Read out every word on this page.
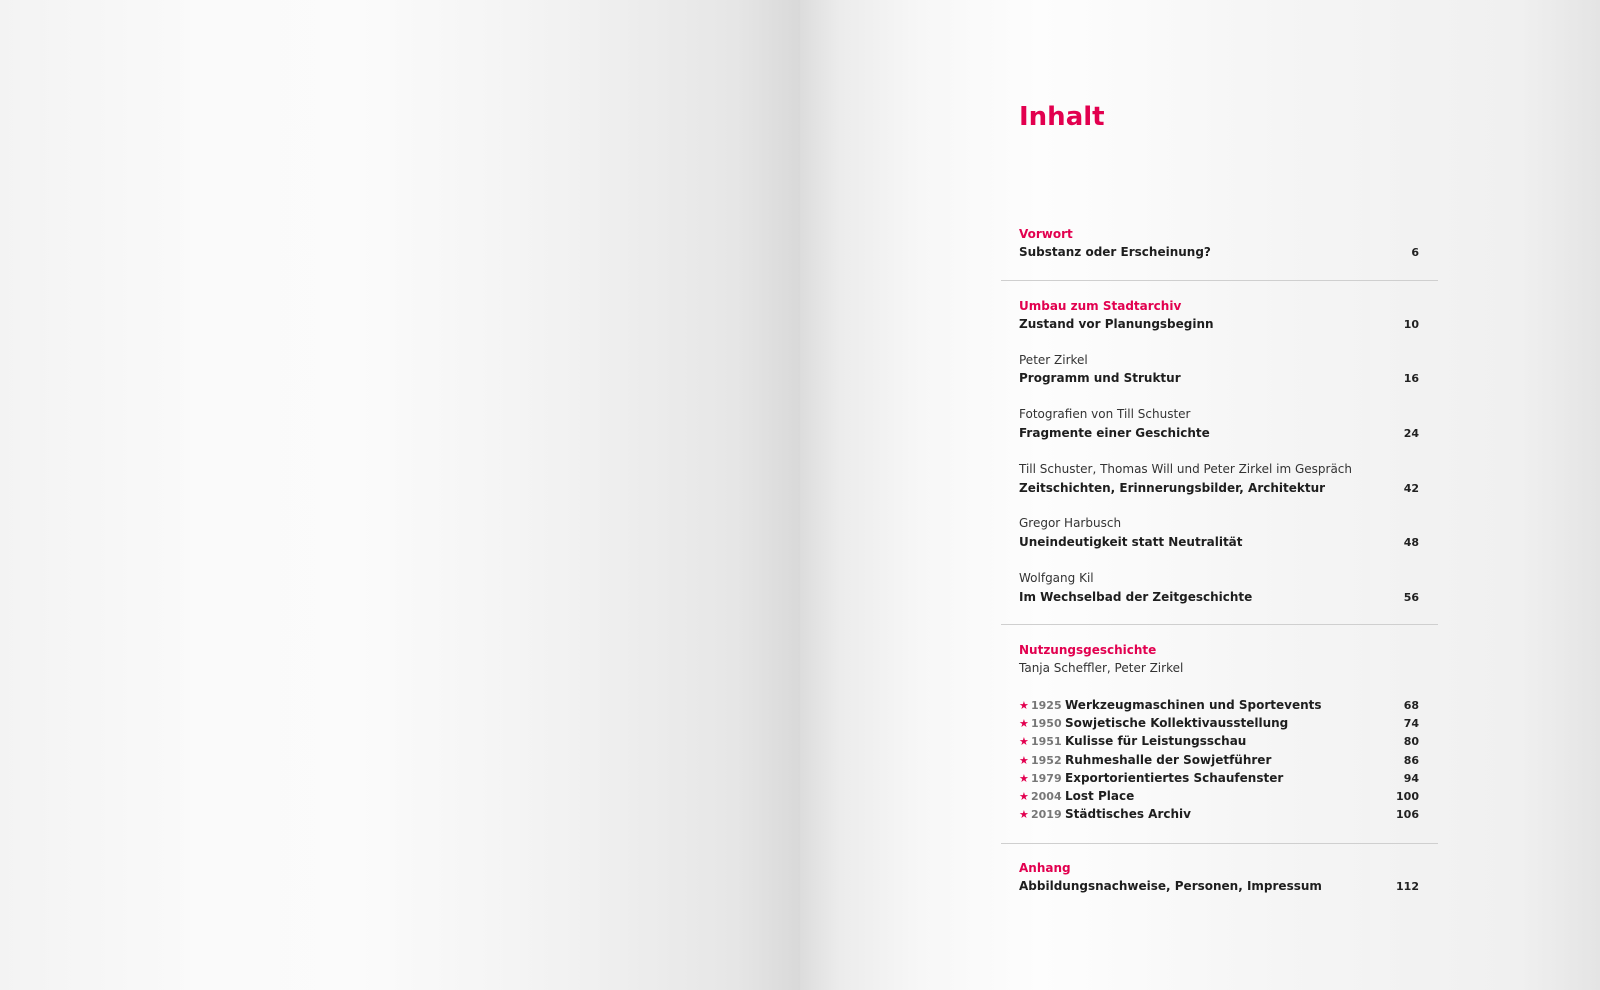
Inhalt
Vorwort
Substanz oder Erscheinung?	6
Umbau zum Stadtarchiv
Zustand vor Planungsbeginn	10
Peter Zirkel
Programm und Struktur	16
Fotografien von Till Schuster
Fragmente einer Geschichte	24
Till Schuster, Thomas Will und Peter Zirkel im Gespräch
Zeitschichten, Erinnerungsbilder, Architektur	42
Gregor Harbusch
Uneindeutigkeit statt Neutralität	48
Wolfgang Kil
Im Wechselbad der Zeitgeschichte	56
Nutzungsgeschichte
Tanja Scheffler, Peter Zirkel
★ 1925 Werkzeugmaschinen und Sportevents	68
★ 1950 Sowjetische Kollektivausstellung	74
★ 1951 Kulisse für Leistungsschau	80
★ 1952 Ruhmeshalle der Sowjetführer	86
★ 1979 Exportorientiertes Schaufenster	94
★ 2004 Lost Place	100
★ 2019 Städtisches Archiv	106
Anhang
Abbildungsnachweise, Personen, Impressum	112
